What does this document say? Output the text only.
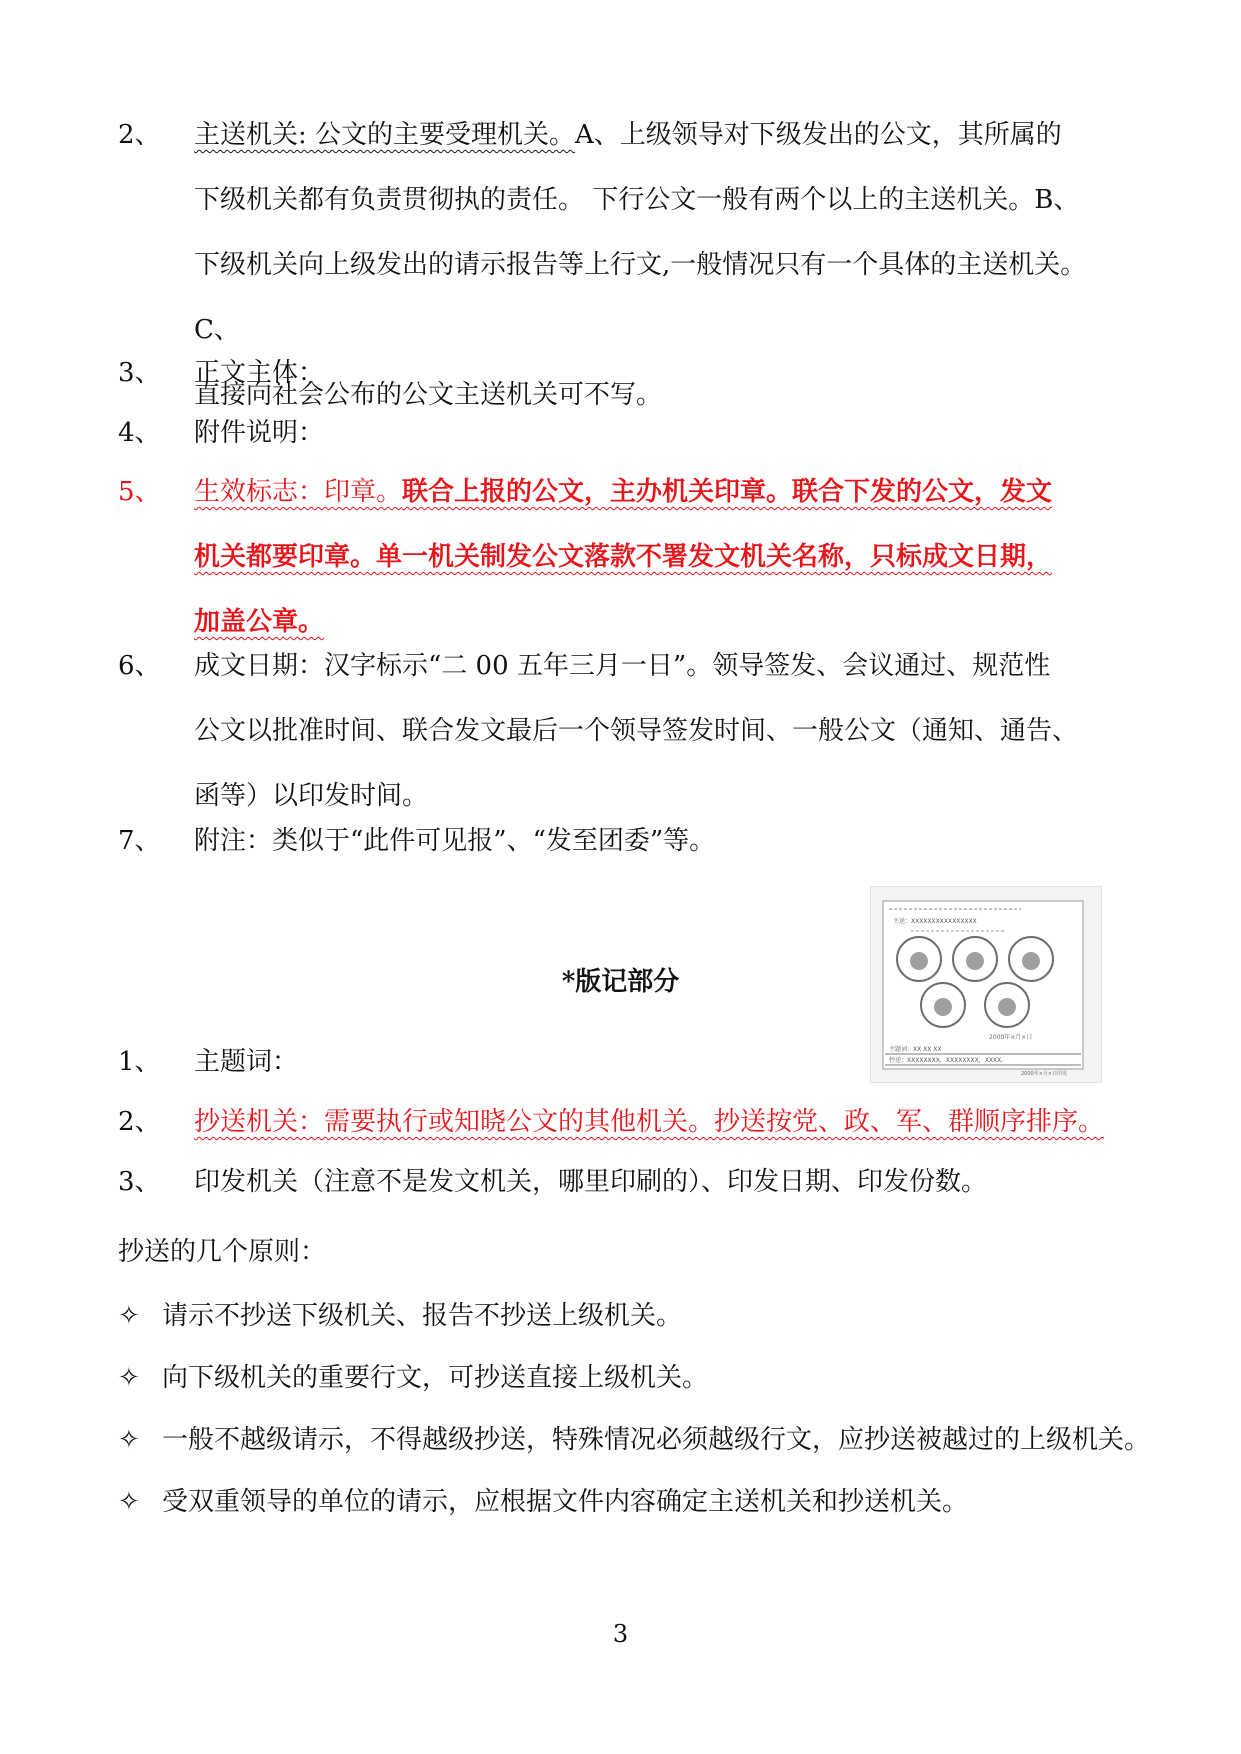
2、	主送机关: 公文的主要受理机关。A、上级领导对下级发出的公文，其所属的
下级机关都有负责贯彻执的责任。 下行公文一般有两个以上的主送机关。B、
下级机关向上级发出的请示报告等上行文,一般情况只有一个具体的主送机关。C、
直接向社会公布的公文主送机关可不写。
3、	正文主体：
4、	附件说明：
5、	生效标志：印章。联合上报的公文，主办机关印章。联合下发的公文，发文
机关都要印章。单一机关制发公文落款不署发文机关名称，只标成文日期，
加盖公章。
6、	成文日期：汉字标示“二 00 五年三月一日”。领导签发、会议通过、规范性
公文以批准时间、联合发文最后一个领导签发时间、一般公文（通知、通告、
函等）以印发时间。
7、	附注：类似于“此件可见报”、“发至团委”等。
主送：XXXXXXXXXXXXXXXX
2000年×月×日
主题词：XX XX XX
抄送：XXXXXXXX，XXXXXXXX，XXXX。
2000年×月×日印发
*版记部分
1、	主题词：
2、	抄送机关：需要执行或知晓公文的其他机关。抄送按党、政、军、群顺序排序。
3、	印发机关（注意不是发文机关，哪里印刷的）、印发日期、印发份数。
抄送的几个原则：
✧ 请示不抄送下级机关、报告不抄送上级机关。
✧ 向下级机关的重要行文，可抄送直接上级机关。
✧ 一般不越级请示，不得越级抄送，特殊情况必须越级行文，应抄送被越过的上级机关。
✧ 受双重领导的单位的请示，应根据文件内容确定主送机关和抄送机关。
3
